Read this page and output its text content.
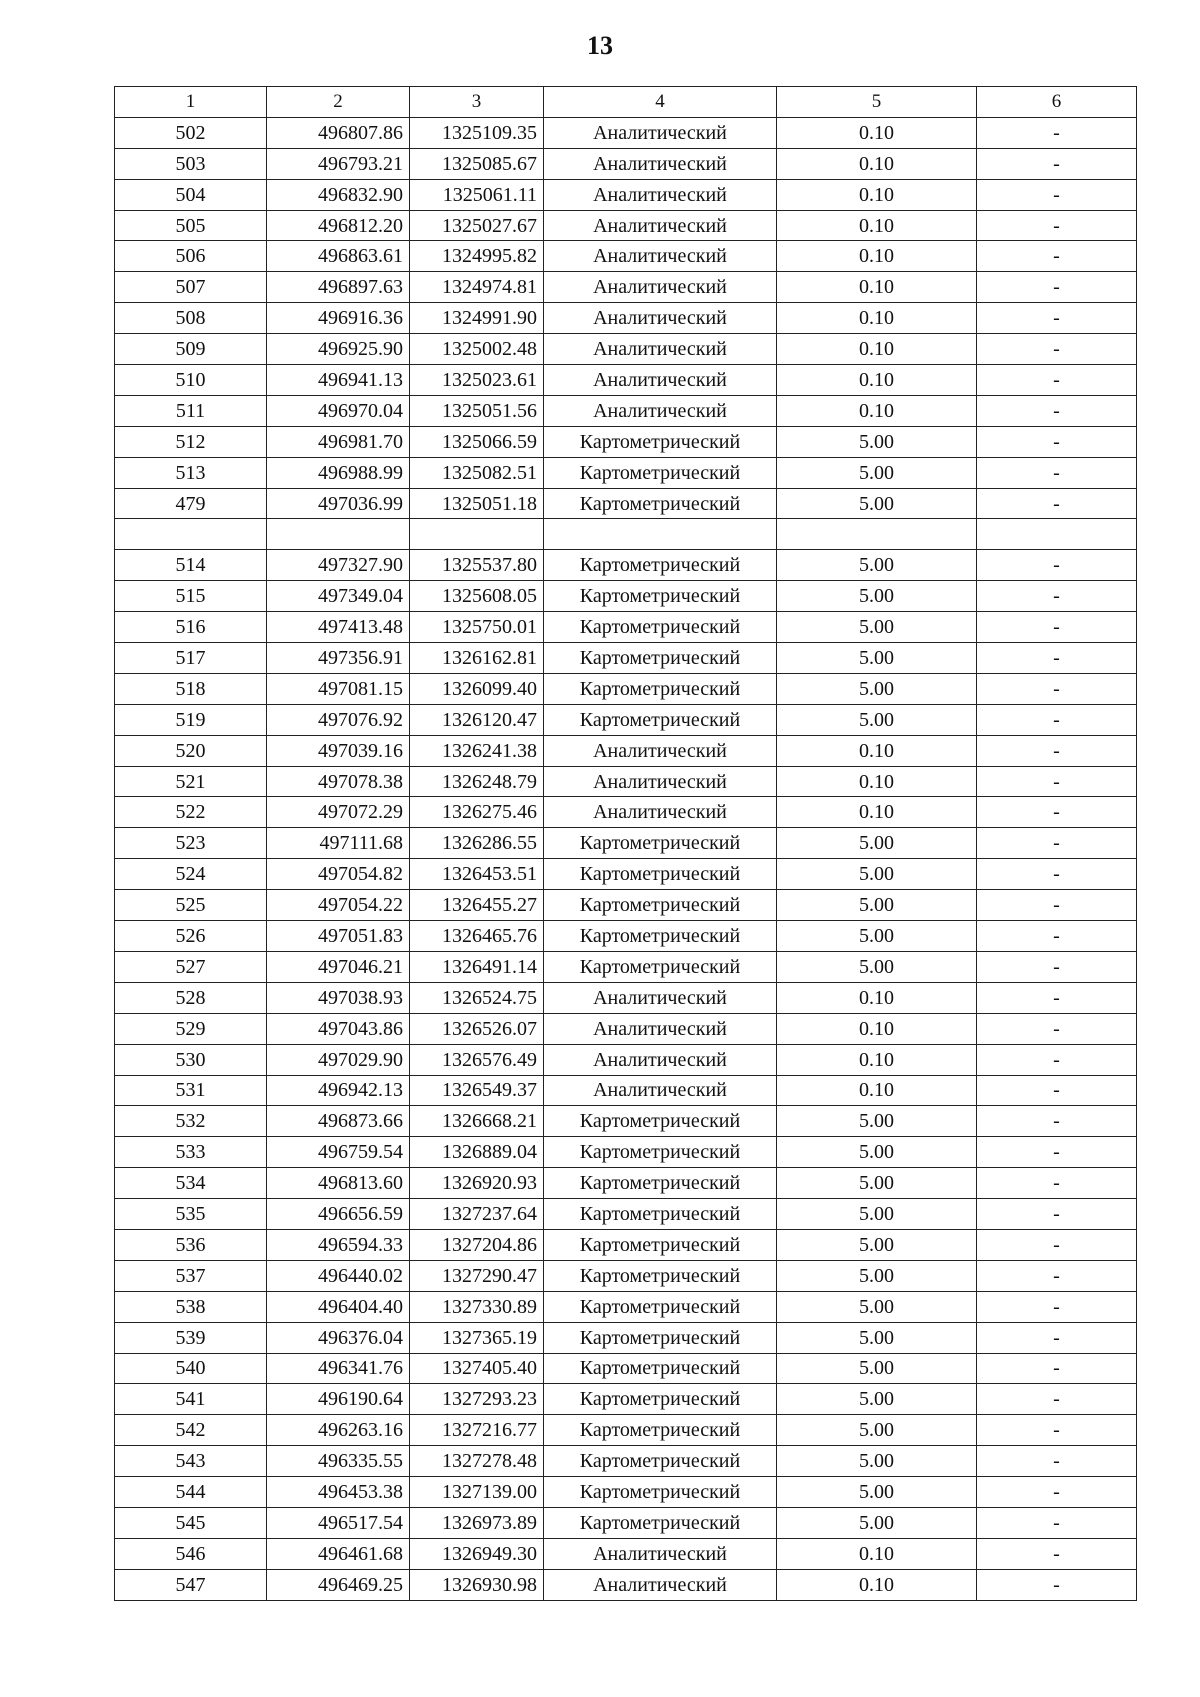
13
1	2	3	4	5	6
502	496807.86	1325109.35	Аналитический	0.10	-
503	496793.21	1325085.67	Аналитический	0.10	-
504	496832.90	1325061.11	Аналитический	0.10	-
505	496812.20	1325027.67	Аналитический	0.10	-
506	496863.61	1324995.82	Аналитический	0.10	-
507	496897.63	1324974.81	Аналитический	0.10	-
508	496916.36	1324991.90	Аналитический	0.10	-
509	496925.90	1325002.48	Аналитический	0.10	-
510	496941.13	1325023.61	Аналитический	0.10	-
511	496970.04	1325051.56	Аналитический	0.10	-
512	496981.70	1325066.59	Картометрический	5.00	-
513	496988.99	1325082.51	Картометрический	5.00	-
479	497036.99	1325051.18	Картометрический	5.00	-

514	497327.90	1325537.80	Картометрический	5.00	-
515	497349.04	1325608.05	Картометрический	5.00	-
516	497413.48	1325750.01	Картометрический	5.00	-
517	497356.91	1326162.81	Картометрический	5.00	-
518	497081.15	1326099.40	Картометрический	5.00	-
519	497076.92	1326120.47	Картометрический	5.00	-
520	497039.16	1326241.38	Аналитический	0.10	-
521	497078.38	1326248.79	Аналитический	0.10	-
522	497072.29	1326275.46	Аналитический	0.10	-
523	497111.68	1326286.55	Картометрический	5.00	-
524	497054.82	1326453.51	Картометрический	5.00	-
525	497054.22	1326455.27	Картометрический	5.00	-
526	497051.83	1326465.76	Картометрический	5.00	-
527	497046.21	1326491.14	Картометрический	5.00	-
528	497038.93	1326524.75	Аналитический	0.10	-
529	497043.86	1326526.07	Аналитический	0.10	-
530	497029.90	1326576.49	Аналитический	0.10	-
531	496942.13	1326549.37	Аналитический	0.10	-
532	496873.66	1326668.21	Картометрический	5.00	-
533	496759.54	1326889.04	Картометрический	5.00	-
534	496813.60	1326920.93	Картометрический	5.00	-
535	496656.59	1327237.64	Картометрический	5.00	-
536	496594.33	1327204.86	Картометрический	5.00	-
537	496440.02	1327290.47	Картометрический	5.00	-
538	496404.40	1327330.89	Картометрический	5.00	-
539	496376.04	1327365.19	Картометрический	5.00	-
540	496341.76	1327405.40	Картометрический	5.00	-
541	496190.64	1327293.23	Картометрический	5.00	-
542	496263.16	1327216.77	Картометрический	5.00	-
543	496335.55	1327278.48	Картометрический	5.00	-
544	496453.38	1327139.00	Картометрический	5.00	-
545	496517.54	1326973.89	Картометрический	5.00	-
546	496461.68	1326949.30	Аналитический	0.10	-
547	496469.25	1326930.98	Аналитический	0.10	-
